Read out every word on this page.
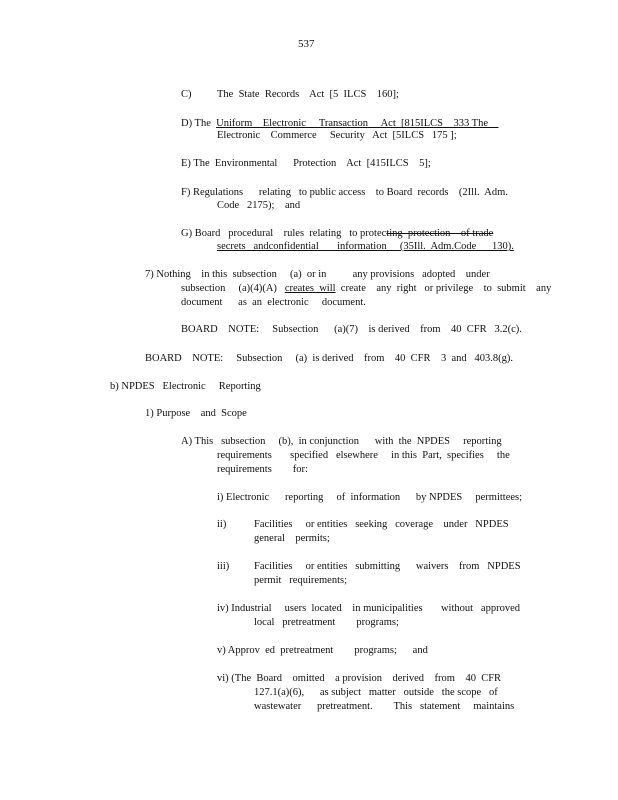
537
C) The  State  Records    Act  [5  ILCS    160];
D) The  Uniform    Electronic     Transaction     Act  [815ILCS    333 The
Electronic    Commerce     Security   Act  [5ILCS   175 ];
E) The  Environmental      Protection    Act  [415ILCS    5];
F) Regulations      relating   to public access    to Board  records    (2Ill.  Adm.
Code   2175);    and
G) Board   procedural    rules  relating   to protecting  protection    of trade
secrets   andconfidential       information     (35Ill.  Adm.Code      130).
7) Nothing    in this  subsection     (a)  or in          any provisions   adopted    under
subsection     (a)(4)(A)   creates  will  create    any  right   or privilege    to  submit    any
document      as  an  electronic     document.
BOARD    NOTE:     Subsection      (a)(7)    is derived    from    40  CFR   3.2(c).
BOARD    NOTE:     Subsection     (a)  is derived    from    40  CFR    3  and   403.8(g).
b) NPDES   Electronic     Reporting
1) Purpose    and  Scope
A) This   subsection     (b),  in conjunction      with  the  NPDES     reporting
requirements       specified   elsewhere     in this  Part,  specifies     the
requirements        for:
i) Electronic      reporting     of  information      by NPDES     permittees;
ii)	Facilities     or entities   seeking   coverage    under   NPDES
general    permits;
iii) Facilities     or entities   submitting      waivers    from   NPDES
permit   requirements;
iv) Industrial     users  located    in municipalities       without   approved
local   pretreatment        programs;
v) Approv  ed  pretreatment        programs;      and
vi) (The  Board    omitted    a provision    derived    from    40  CFR
127.1(a)(6),      as subject   matter   outside   the scope   of
wastewater      pretreatment.        This   statement     maintains
